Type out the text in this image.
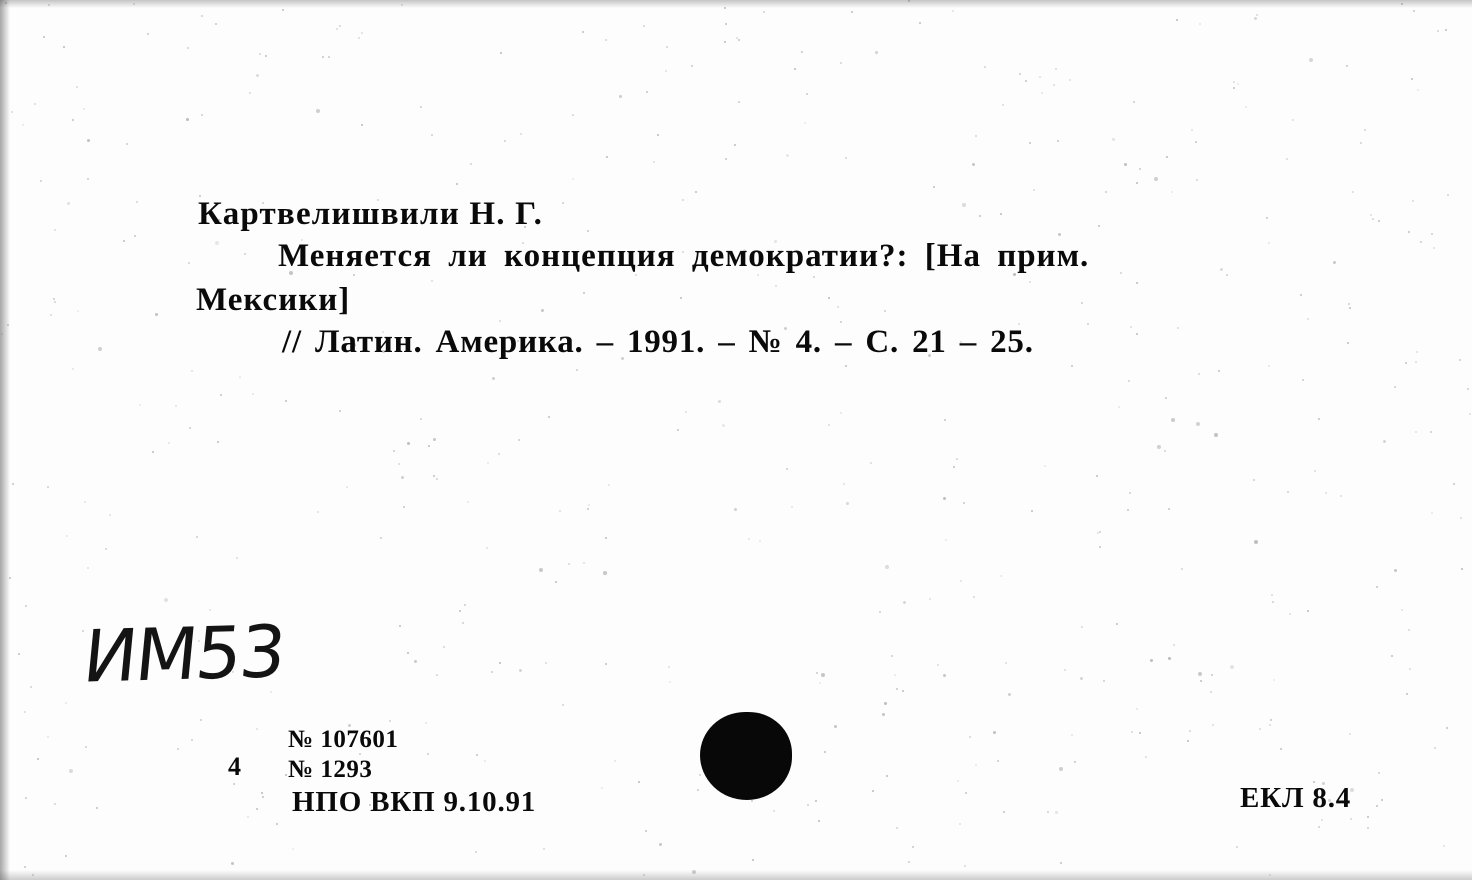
Картвелишвили Н. Г.
Меняется ли концепция демократии?: [На прим.
Мексики]
// Латин. Америка. – 1991. – № 4. – С. 21 – 25.
ИМ53
4
№ 107601
№ 1293
НПО ВКП 9.10.91	ЕКЛ 8.4
